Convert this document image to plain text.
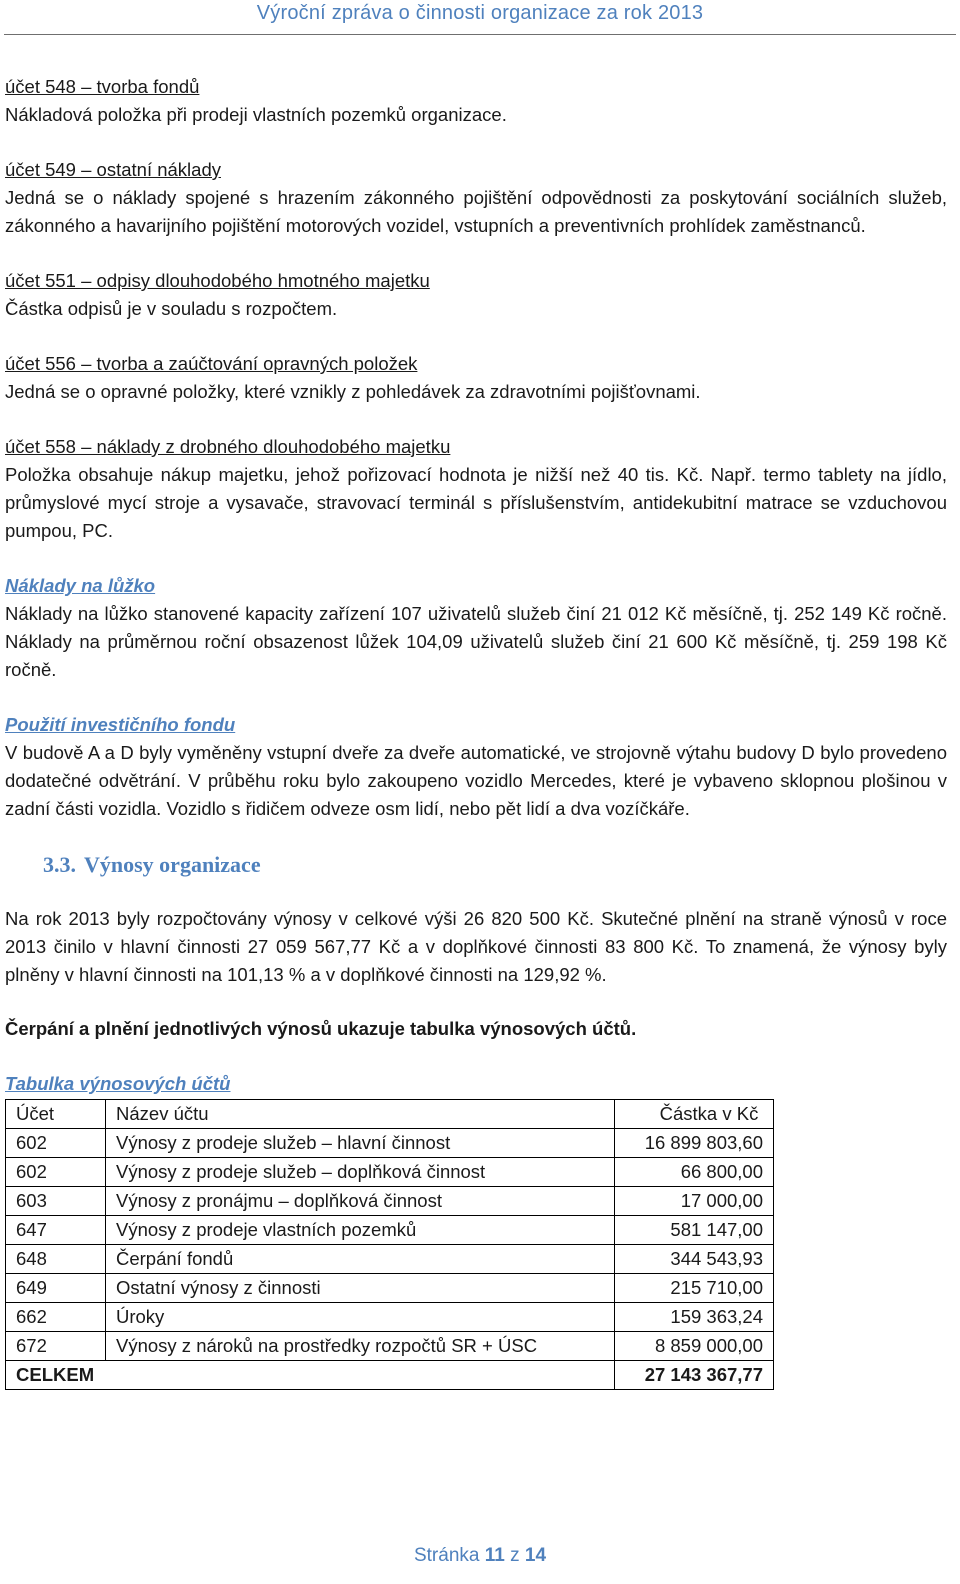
Výroční zpráva o činnosti organizace za rok 2013
účet 548 – tvorba fondů
Nákladová položka při prodeji vlastních pozemků organizace.
účet 549 – ostatní náklady
Jedná se o náklady spojené s hrazením zákonného pojištění odpovědnosti za poskytování sociálních služeb, zákonného a havarijního pojištění motorových vozidel, vstupních a preventivních prohlídek zaměstnanců.
účet 551 – odpisy dlouhodobého hmotného majetku
Částka odpisů je v souladu s rozpočtem.
účet 556 – tvorba a zaúčtování opravných položek
Jedná se o opravné položky, které vznikly z pohledávek za zdravotními pojišťovnami.
účet 558 – náklady z drobného dlouhodobého majetku
Položka obsahuje nákup majetku, jehož pořizovací hodnota je nižší než 40 tis. Kč. Např. termo tablety na jídlo, průmyslové mycí stroje a vysavače, stravovací terminál s příslušenstvím, antidekubitní matrace se vzduchovou pumpou, PC.
Náklady na lůžko
Náklady na lůžko stanovené kapacity zařízení 107 uživatelů služeb činí 21 012 Kč měsíčně, tj. 252 149 Kč ročně. Náklady na průměrnou roční obsazenost lůžek 104,09 uživatelů služeb činí 21 600 Kč měsíčně, tj. 259 198 Kč ročně.
Použití investičního fondu
V budově A a D byly vyměněny vstupní dveře za dveře automatické, ve strojovně výtahu budovy D bylo provedeno dodatečné odvětrání. V průběhu roku bylo zakoupeno vozidlo Mercedes, které je vybaveno sklopnou plošinou v zadní části vozidla. Vozidlo s řidičem odveze osm lidí, nebo pět lidí a dva vozíčkáře.
3.3. Výnosy organizace
Na rok 2013 byly rozpočtovány výnosy v celkové výši 26 820 500 Kč. Skutečné plnění na straně výnosů v roce 2013 činilo v hlavní činnosti 27 059 567,77 Kč a v doplňkové činnosti 83 800 Kč. To znamená, že výnosy byly plněny v hlavní činnosti na 101,13 % a v doplňkové činnosti na 129,92 %.
Čerpání a plnění jednotlivých výnosů ukazuje tabulka výnosových účtů.
Tabulka výnosových účtů
Účet	Název účtu	Částka v Kč
602	Výnosy z prodeje služeb – hlavní činnost	16 899 803,60
602	Výnosy z prodeje služeb – doplňková činnost	66 800,00
603	Výnosy z pronájmu – doplňková činnost	17 000,00
647	Výnosy z prodeje vlastních pozemků	581 147,00
648	Čerpání fondů	344 543,93
649	Ostatní výnosy z činnosti	215 710,00
662	Úroky	159 363,24
672	Výnosy z nároků na prostředky rozpočtů SR + ÚSC	8 859 000,00
CELKEM		27 143 367,77
Stránka 11 z 14
